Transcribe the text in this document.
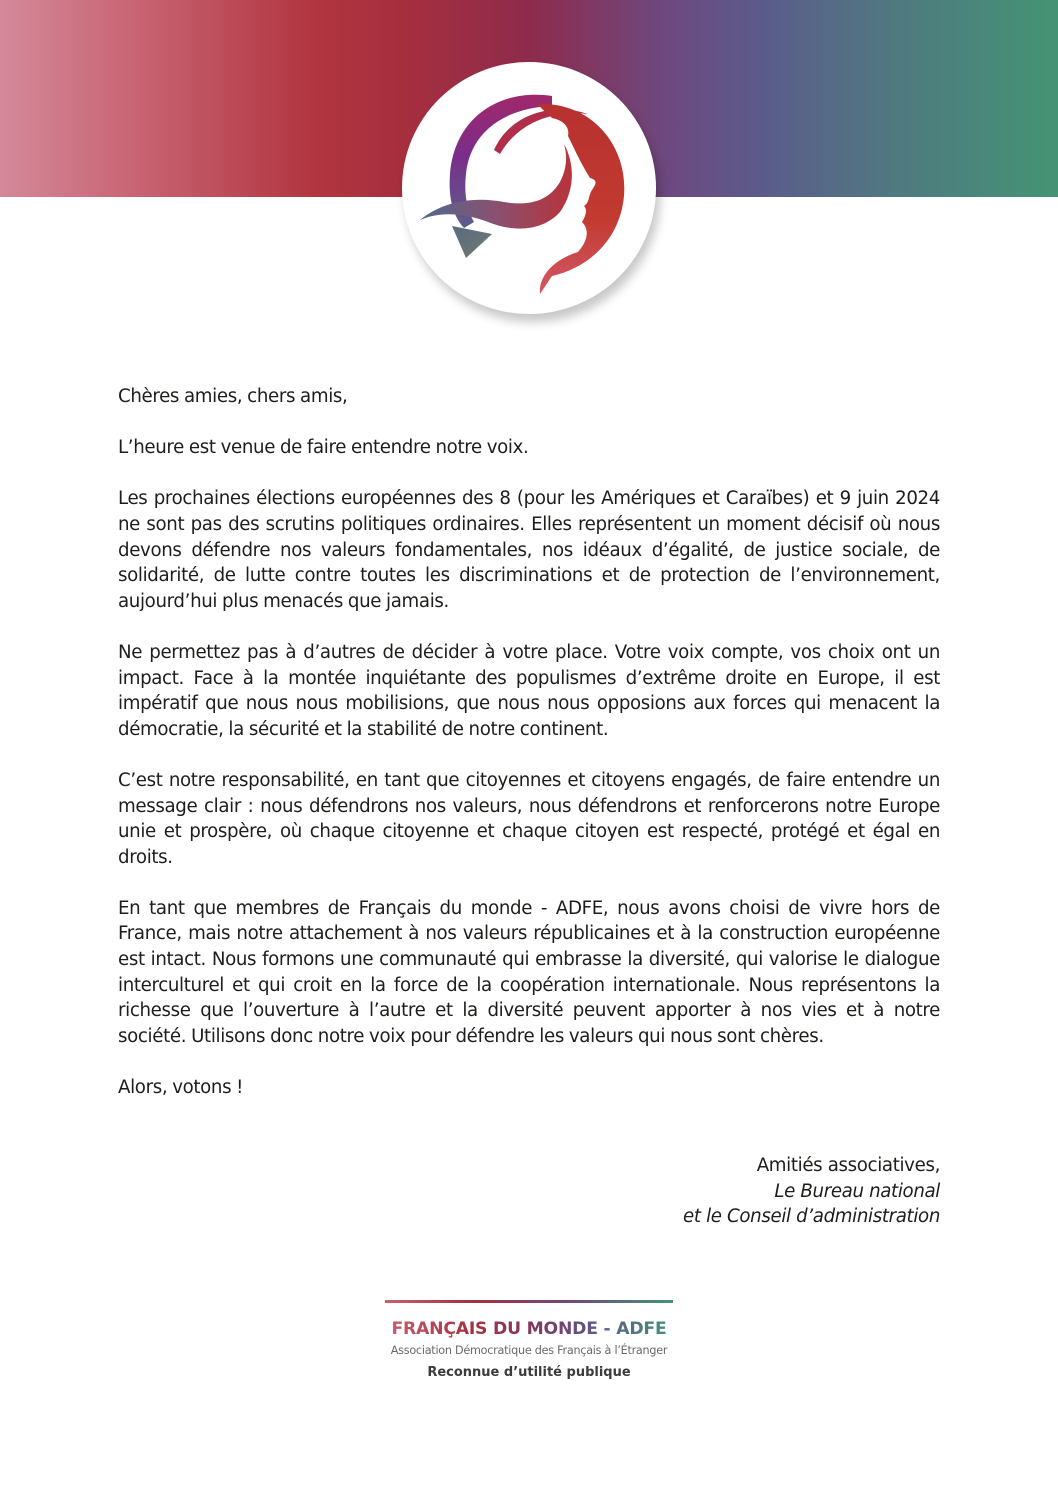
Chères amies, chers amis,

L’heure est venue de faire entendre notre voix.

Les prochaines élections européennes des 8 (pour les Amériques et Caraïbes) et 9 juin 2024 ne sont pas des scrutins politiques ordinaires. Elles représentent un moment décisif où nous devons défendre nos valeurs fondamentales, nos idéaux d’égalité, de justice sociale, de solidarité, de lutte contre toutes les discriminations et de protection de l’environnement, aujourd’hui plus menacés que jamais.

Ne permettez pas à d’autres de décider à votre place. Votre voix compte, vos choix ont un impact. Face à la montée inquiétante des populismes d’extrême droite en Europe, il est impératif que nous nous mobilisions, que nous nous opposions aux forces qui menacent la démocratie, la sécurité et la stabilité de notre continent.

C’est notre responsabilité, en tant que citoyennes et citoyens engagés, de faire entendre un message clair : nous défendrons nos valeurs, nous défendrons et renforcerons notre Europe unie et prospère, où chaque citoyenne et chaque citoyen est respecté, protégé et égal en droits.

En tant que membres de Français du monde - ADFE, nous avons choisi de vivre hors de France, mais notre attachement à nos valeurs républicaines et à la construction européenne est intact. Nous formons une communauté qui embrasse la diversité, qui valorise le dialogue interculturel et qui croit en la force de la coopération internationale. Nous représentons la richesse que l’ouverture à l’autre et la diversité peuvent apporter à nos vies et à notre société. Utilisons donc notre voix pour défendre les valeurs qui nous sont chères.

Alors, votons !

Amitiés associatives,
Le Bureau national
et le Conseil d’administration
FRANÇAIS DU MONDE - ADFE
Association Démocratique des Français à l’Étranger
Reconnue d’utilité publique
